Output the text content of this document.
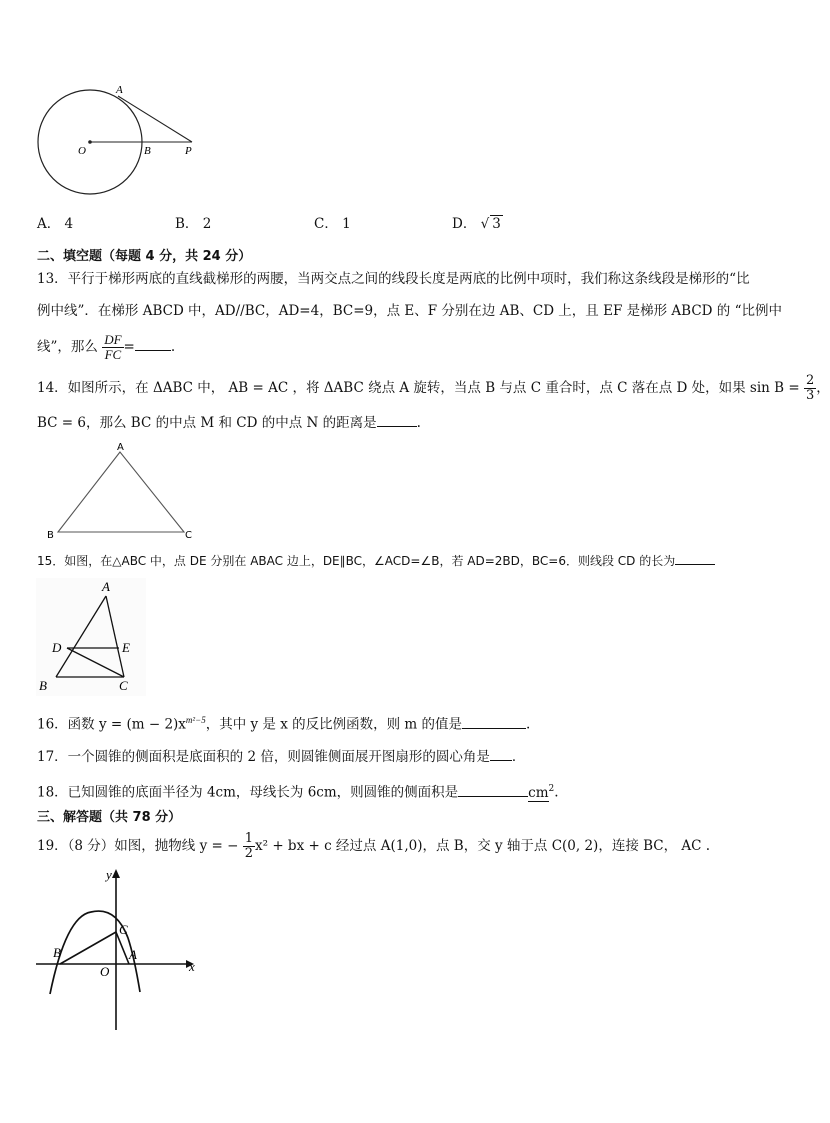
A
O	B	P
A． 4	B． 2	C． 1	D． √ 3
二、填空题（每题 4 分，共 24 分）
13．平行于梯形两底的直线截梯形的两腰，当两交点之间的线段长度是两底的比例中项时，我们称这条线段是梯形的“比
例中线”．在梯形 ABCD 中，AD//BC，AD=4，BC=9，点 E、F 分别在边 AB、CD 上，且 EF 是梯形 ABCD 的 “比例中
线”，那么 $\frac{DF}{FC}$ =	.
14．如图所示，在 ΔABC 中， AB = AC ，将 ΔABC 绕点 A 旋转，当点 B 与点 C 重合时，点 C 落在点 D 处，如果 $\sin B = \frac{2}{3}$ ，
BC = 6，那么 BC 的中点 M 和 CD 的中点 N 的距离是	.
A
B	C
15．如图，在△ABC 中，点 DE 分别在 ABAC 边上，DE∥BC，∠ACD=∠B，若 AD=2BD，BC=6．则线段 CD 的长为
A
D	E
B	C
16．函数 $y = (m - 2)x^{m^2-5}$，其中 y 是 x 的反比例函数，则 m 的值是	.
17．一个圆锥的侧面积是底面积的 2 倍，则圆锥侧面展开图扇形的圆心角是 ．
18．已知圆锥的底面半径为 4cm，母线长为 6cm，则圆锥的侧面积是	$cm^2$.
三、解答题（共 78 分）
19．（8 分）如图，抛物线 y = − $\frac{1}{2} x^2$ + bx + c 经过点 A(1,0)，点 B，交 y 轴于点 C(0, 2)，连接 BC， AC .
y
x
O
B	A
C
